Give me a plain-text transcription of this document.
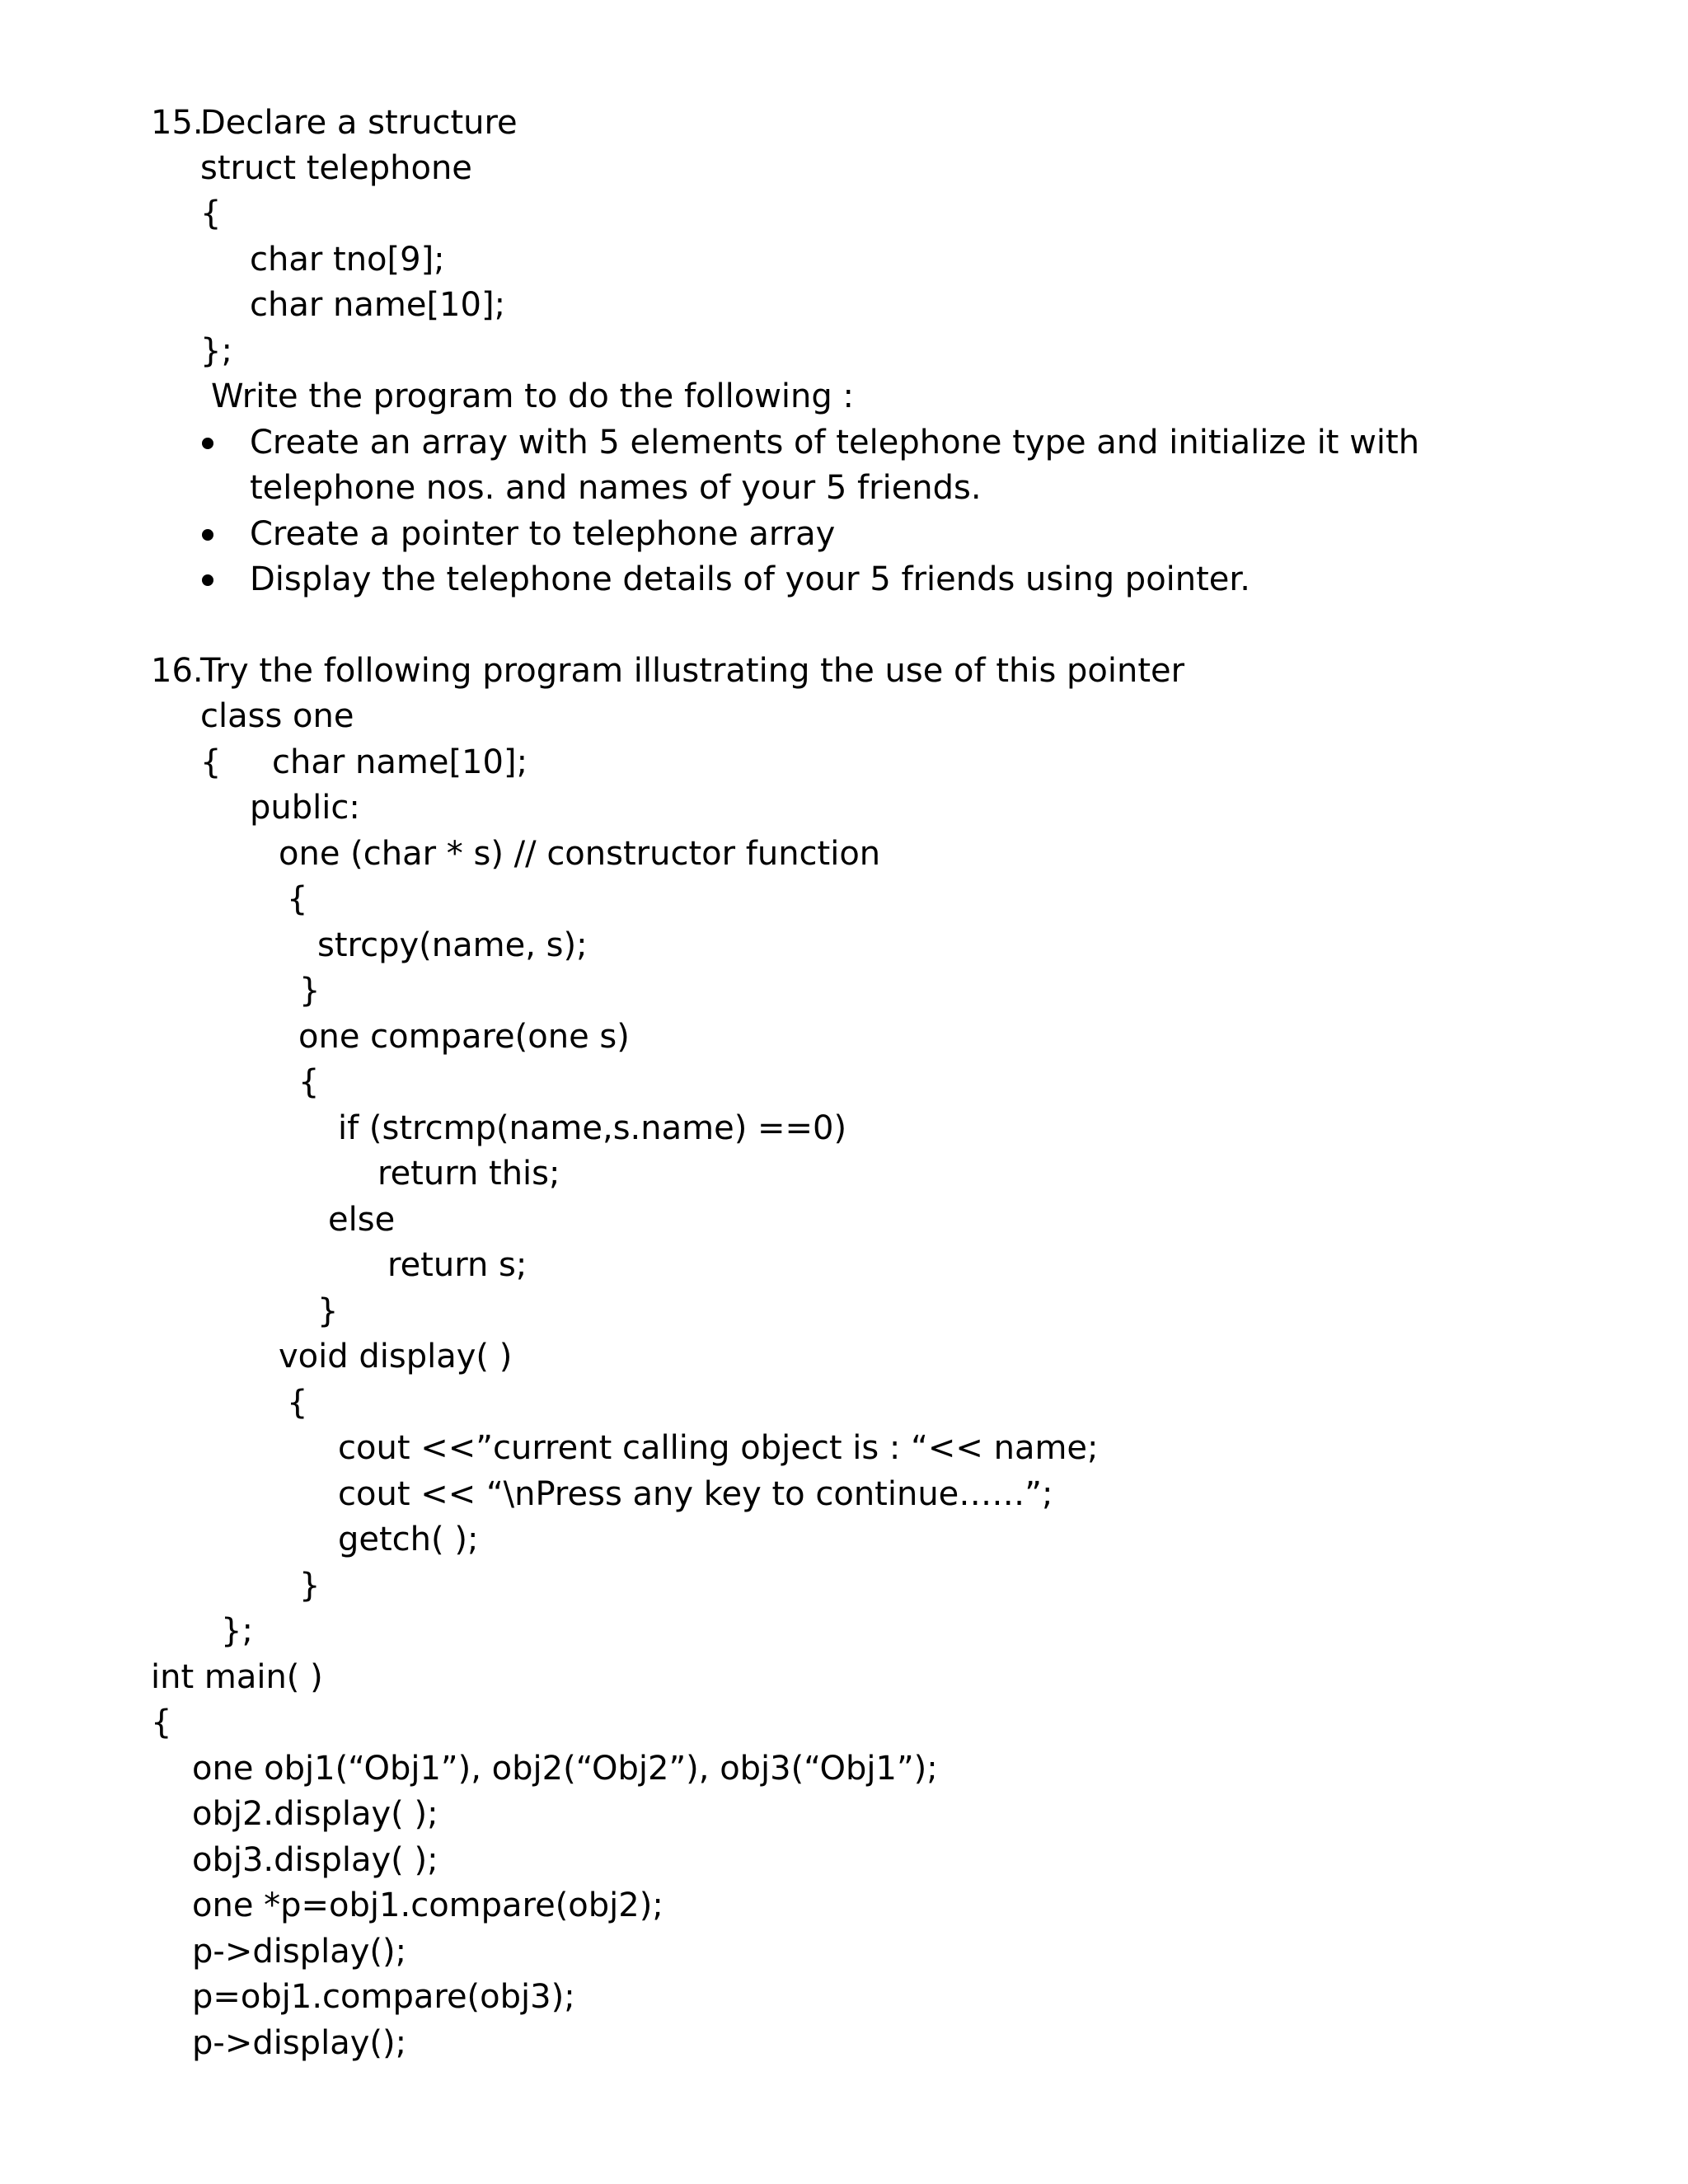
15.
Declare a structure
struct telephone
{
char tno[9];
char name[10];
};
Write the program to do the following :
Create an array with 5 elements of telephone type and initialize it with
telephone nos. and names of your 5 friends.
Create a pointer to telephone array
Display the telephone details of your 5 friends using pointer.
16.
Try the following program illustrating the use of this pointer
class one
{ char name[10];
public:
one (char * s) // constructor function
{
strcpy(name, s);
}
one compare(one s)
{
if (strcmp(name,s.name) ==0)
return this;
else
return s;
}
void display( )
{
cout <<”current calling object is : “<< name;
cout << “\nPress any key to continue……”;
getch( );
}
};
int main( )
{
one obj1(“Obj1”), obj2(“Obj2”), obj3(“Obj1”);
obj2.display( );
obj3.display( );
one *p=obj1.compare(obj2);
p->display();
p=obj1.compare(obj3);
p->display();
